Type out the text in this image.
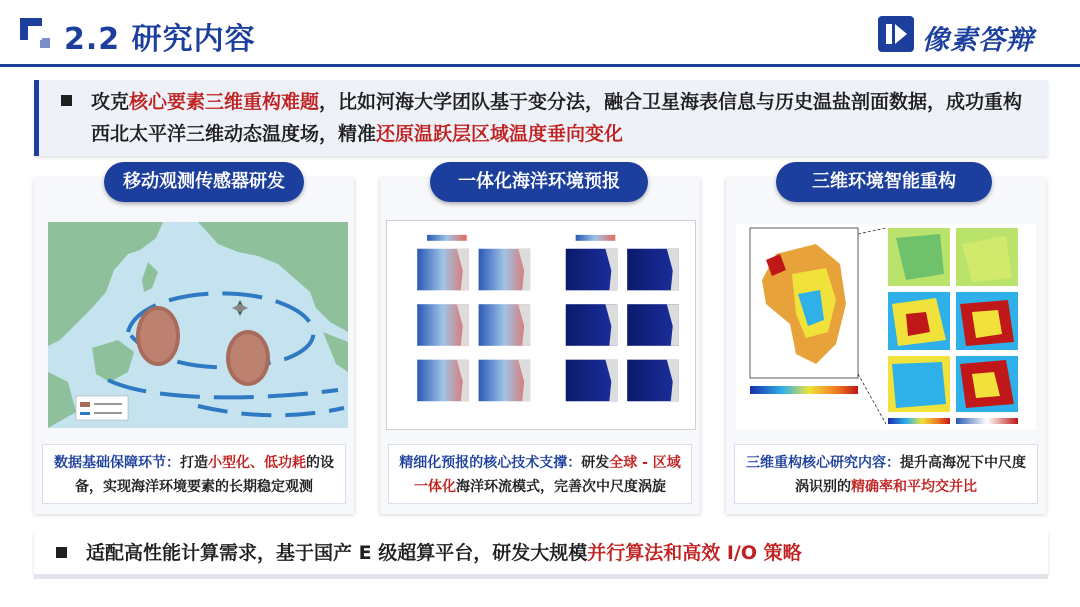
2.2 研究内容	像素答辩
攻克核心要素三维重构难题，比如河海大学团队基于变分法，融合卫星海表信息与历史温盐剖面数据，成功重构西北太平洋三维动态温度场，精准还原温跃层区域温度垂向变化
移动观测传感器研发
数据基础保障环节：打造小型化、低功耗的设备，实现海洋环境要素的长期稳定观测
一体化海洋环境预报
精细化预报的核心技术支撑：研发全球 - 区域一体化海洋环流模式，完善次中尺度涡旋
三维环境智能重构
三维重构核心研究内容：提升高海况下中尺度涡识别的精确率和平均交并比
适配高性能计算需求，基于国产 E 级超算平台，研发大规模并行算法和高效 I/O 策略
